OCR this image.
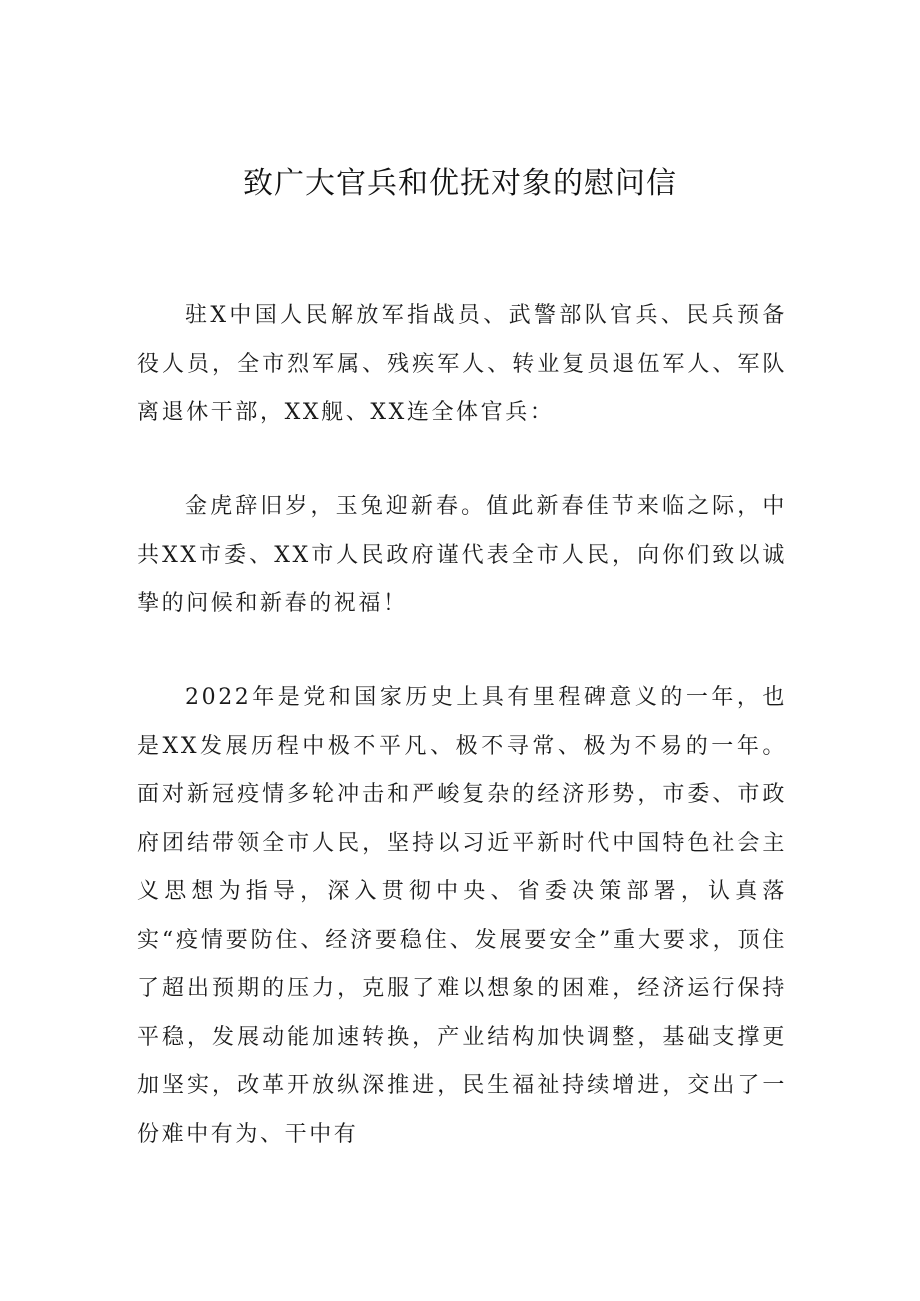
致广大官兵和优抚对象的慰问信

驻X中国人民解放军指战员、武警部队官兵、民兵预备役人员，全市烈军属、残疾军人、转业复员退伍军人、军队离退休干部，XX舰、XX连全体官兵：

金虎辞旧岁，玉兔迎新春。值此新春佳节来临之际，中共XX市委、XX市人民政府谨代表全市人民，向你们致以诚挚的问候和新春的祝福！

2022年是党和国家历史上具有里程碑意义的一年，也是XX发展历程中极不平凡、极不寻常、极为不易的一年。面对新冠疫情多轮冲击和严峻复杂的经济形势，市委、市政府团结带领全市人民，坚持以习近平新时代中国特色社会主义思想为指导，深入贯彻中央、省委决策部署，认真落实“疫情要防住、经济要稳住、发展要安全”重大要求，顶住了超出预期的压力，克服了难以想象的困难，经济运行保持平稳，发展动能加速转换，产业结构加快调整，基础支撑更加坚实，改革开放纵深推进，民生福祉持续增进，交出了一份难中有为、干中有
